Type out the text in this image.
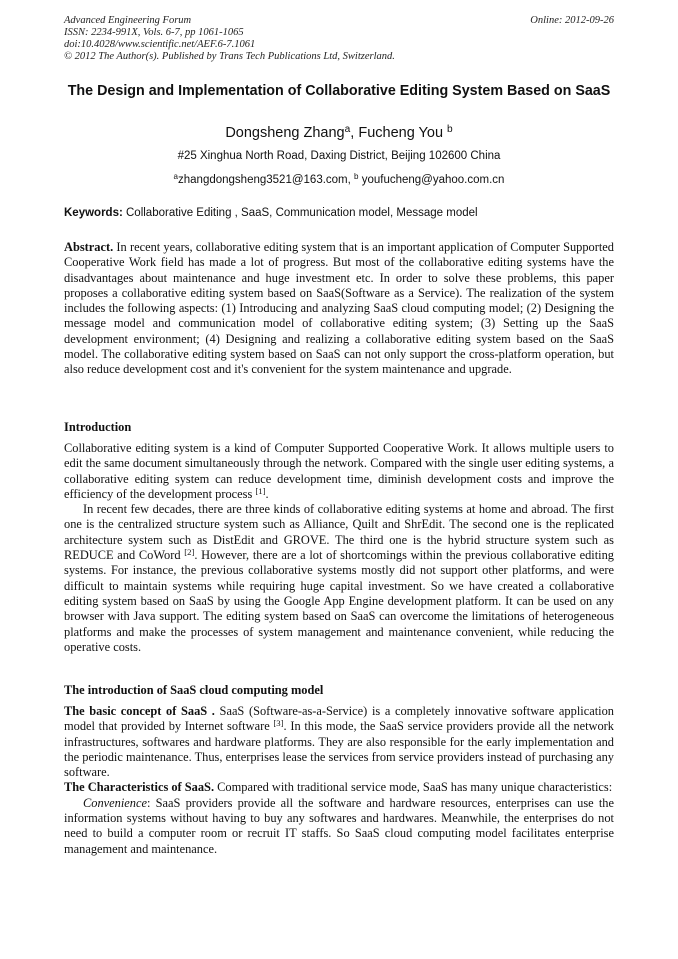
Advanced Engineering Forum
ISSN: 2234-991X, Vols. 6-7, pp 1061-1065
doi:10.4028/www.scientific.net/AEF.6-7.1061
© 2012 The Author(s). Published by Trans Tech Publications Ltd, Switzerland.
Online: 2012-09-26
The Design and Implementation of Collaborative Editing System Based on SaaS
Dongsheng Zhang$^a$, Fucheng You $^b$
#25 Xinghua North Road, Daxing District, Beijing 102600 China
$^a$zhangdongsheng3521@163.com, $^b$ youfucheng@yahoo.com.cn
Keywords: Collaborative Editing , SaaS, Communication model, Message model

Abstract. In recent years, collaborative editing system that is an important application of Computer Supported Cooperative Work field has made a lot of progress. But most of the collaborative editing systems have the disadvantages about maintenance and huge investment etc. In order to solve these problems, this paper proposes a collaborative editing system based on SaaS(Software as a Service). The realization of the system includes the following aspects: (1) Introducing and analyzing SaaS cloud computing model; (2) Designing the message model and communication model of collaborative editing system; (3) Setting up the SaaS development environment; (4) Designing and realizing a collaborative editing system based on the SaaS model. The collaborative editing system based on SaaS can not only support the cross-platform operation, but also reduce development cost and it's convenient for the system maintenance and upgrade.

Introduction

Collaborative editing system is a kind of Computer Supported Cooperative Work. It allows multiple users to edit the same document simultaneously through the network. Compared with the single user editing systems, a collaborative editing system can reduce development time, diminish development costs and improve the efficiency of the development process [1].

In recent few decades, there are three kinds of collaborative editing systems at home and abroad. The first one is the centralized structure system such as Alliance, Quilt and ShrEdit. The second one is the replicated architecture system such as DistEdit and GROVE. The third one is the hybrid structure system such as REDUCE and CoWord [2]. However, there are a lot of shortcomings within the previous collaborative editing systems. For instance, the previous collaborative systems mostly did not support other platforms, and were difficult to maintain systems while requiring huge capital investment. So we have created a collaborative editing system based on SaaS by using the Google App Engine development platform. It can be used on any browser with Java support. The editing system based on SaaS can overcome the limitations of heterogeneous platforms and make the processes of system management and maintenance convenient, while reducing the operative costs.

The introduction of SaaS cloud computing model

The basic concept of SaaS . SaaS (Software-as-a-Service) is a completely innovative software application model that provided by Internet software [3]. In this mode, the SaaS service providers provide all the network infrastructures, softwares and hardware platforms. They are also responsible for the early implementation and the periodic maintenance. Thus, enterprises lease the services from service providers instead of purchasing any software.

The Characteristics of SaaS. Compared with traditional service mode, SaaS has many unique characteristics:

Convenience: SaaS providers provide all the software and hardware resources, enterprises can use the information systems without having to buy any softwares and hardwares. Meanwhile, the enterprises do not need to build a computer room or recruit IT staffs. So SaaS cloud computing model facilitates enterprise management and maintenance.
